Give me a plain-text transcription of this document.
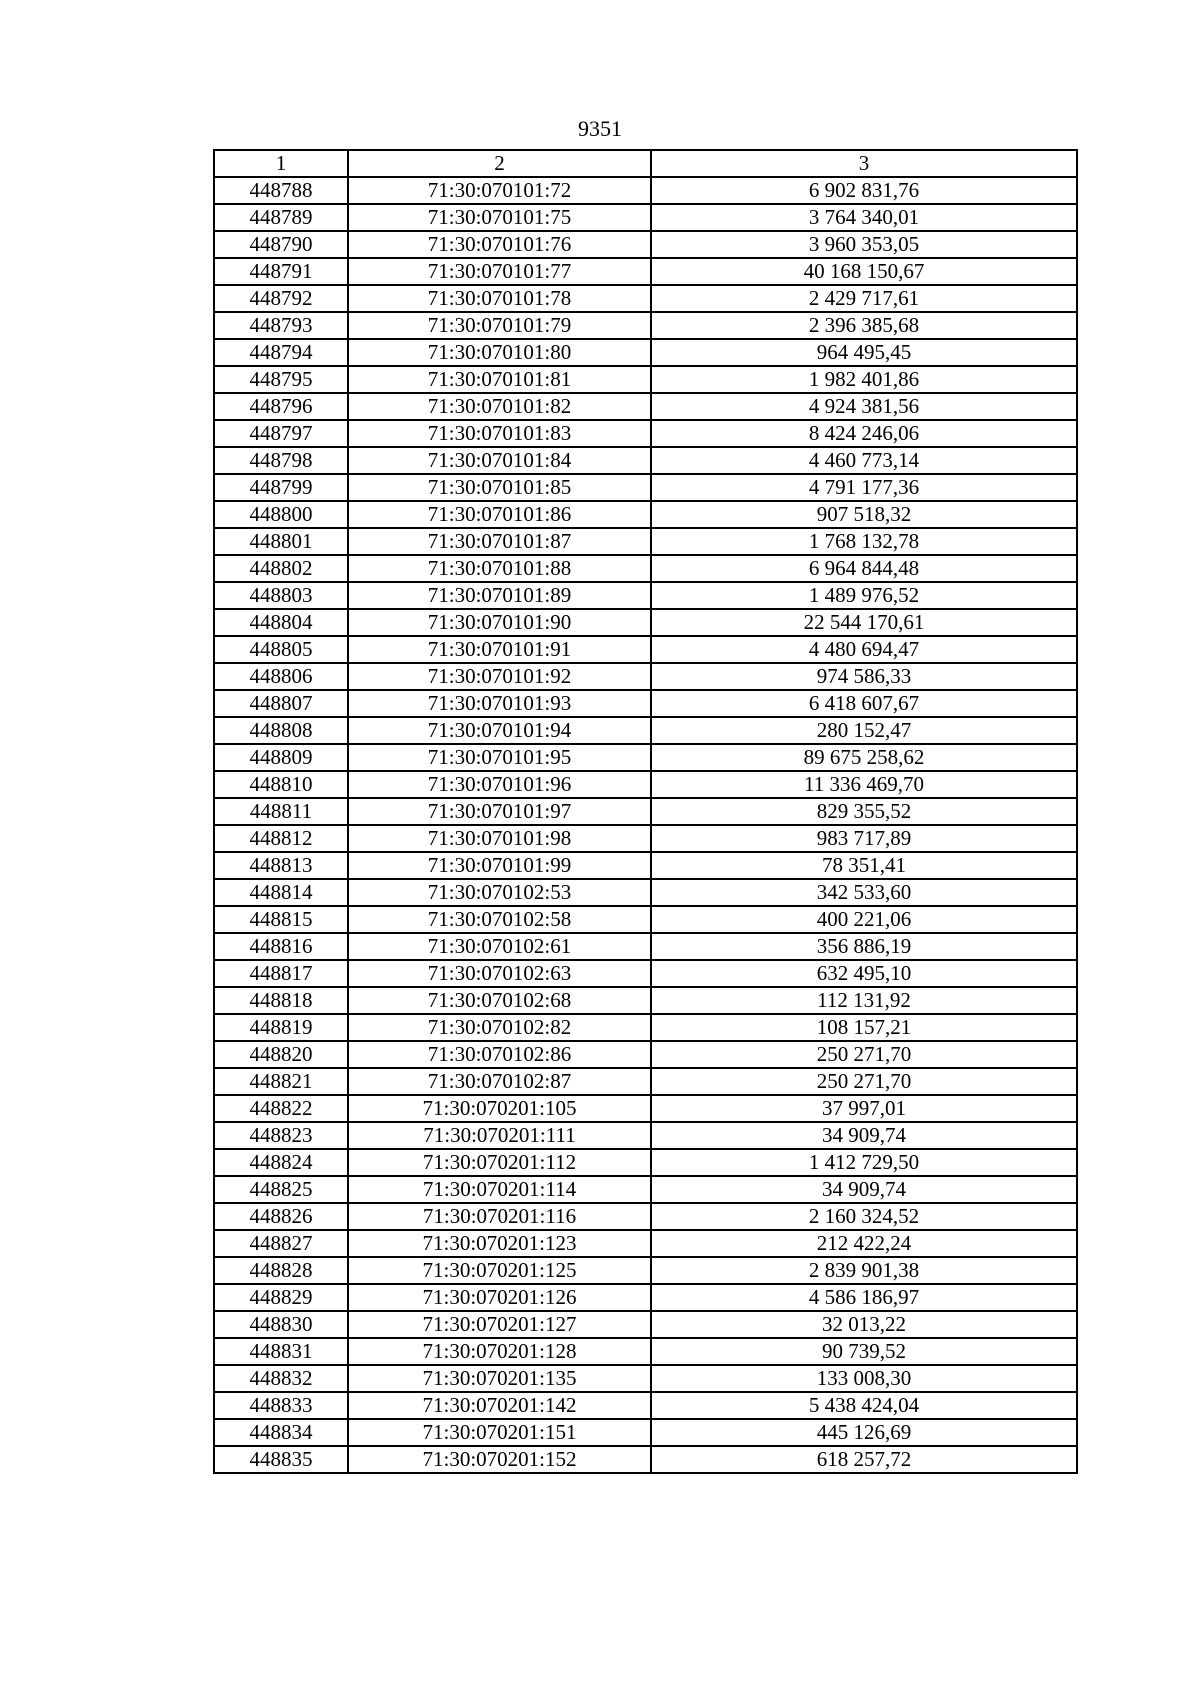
9351
1	2	3
448788	71:30:070101:72	6 902 831,76
448789	71:30:070101:75	3 764 340,01
448790	71:30:070101:76	3 960 353,05
448791	71:30:070101:77	40 168 150,67
448792	71:30:070101:78	2 429 717,61
448793	71:30:070101:79	2 396 385,68
448794	71:30:070101:80	964 495,45
448795	71:30:070101:81	1 982 401,86
448796	71:30:070101:82	4 924 381,56
448797	71:30:070101:83	8 424 246,06
448798	71:30:070101:84	4 460 773,14
448799	71:30:070101:85	4 791 177,36
448800	71:30:070101:86	907 518,32
448801	71:30:070101:87	1 768 132,78
448802	71:30:070101:88	6 964 844,48
448803	71:30:070101:89	1 489 976,52
448804	71:30:070101:90	22 544 170,61
448805	71:30:070101:91	4 480 694,47
448806	71:30:070101:92	974 586,33
448807	71:30:070101:93	6 418 607,67
448808	71:30:070101:94	280 152,47
448809	71:30:070101:95	89 675 258,62
448810	71:30:070101:96	11 336 469,70
448811	71:30:070101:97	829 355,52
448812	71:30:070101:98	983 717,89
448813	71:30:070101:99	78 351,41
448814	71:30:070102:53	342 533,60
448815	71:30:070102:58	400 221,06
448816	71:30:070102:61	356 886,19
448817	71:30:070102:63	632 495,10
448818	71:30:070102:68	112 131,92
448819	71:30:070102:82	108 157,21
448820	71:30:070102:86	250 271,70
448821	71:30:070102:87	250 271,70
448822	71:30:070201:105	37 997,01
448823	71:30:070201:111	34 909,74
448824	71:30:070201:112	1 412 729,50
448825	71:30:070201:114	34 909,74
448826	71:30:070201:116	2 160 324,52
448827	71:30:070201:123	212 422,24
448828	71:30:070201:125	2 839 901,38
448829	71:30:070201:126	4 586 186,97
448830	71:30:070201:127	32 013,22
448831	71:30:070201:128	90 739,52
448832	71:30:070201:135	133 008,30
448833	71:30:070201:142	5 438 424,04
448834	71:30:070201:151	445 126,69
448835	71:30:070201:152	618 257,72
